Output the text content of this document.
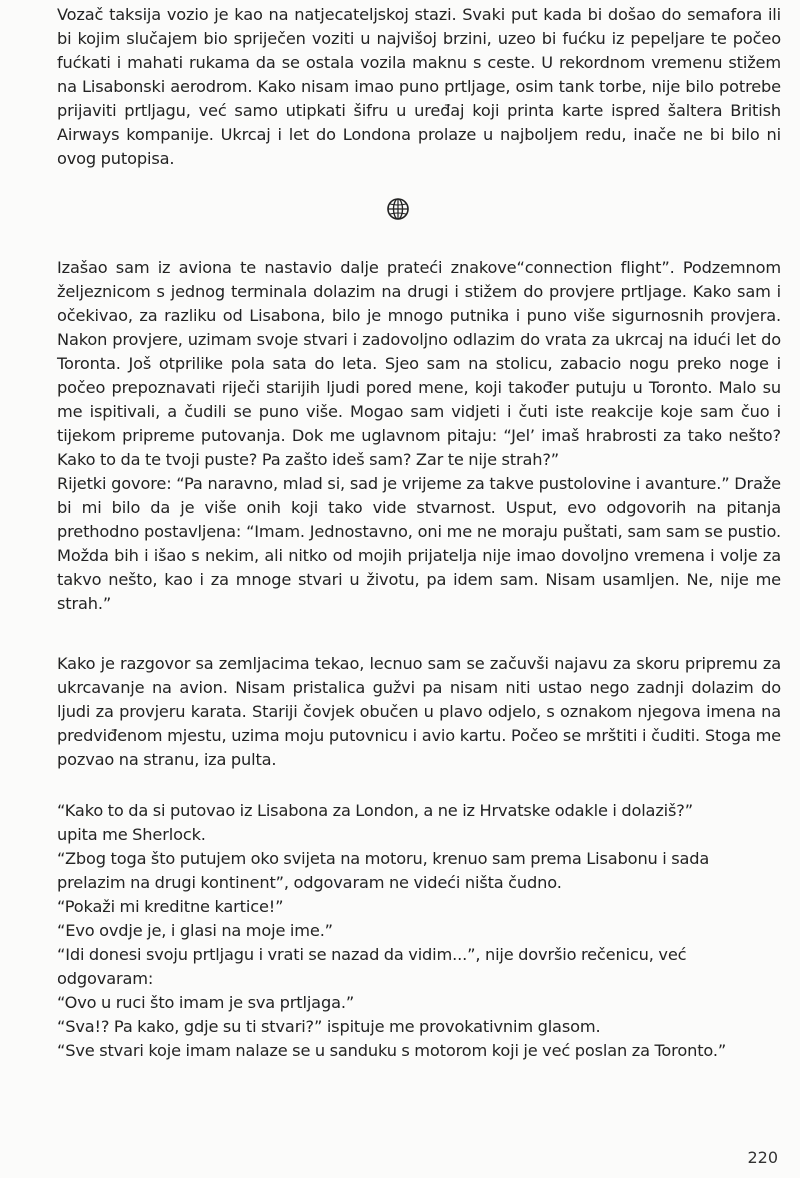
Vozač taksija vozio je kao na natjecateljskoj stazi. Svaki put kada bi došao do semafora ili bi kojim slučajem bio spriječen voziti u najvišoj brzini, uzeo bi fućku iz pepeljare te počeo fućkati i mahati rukama da se ostala vozila maknu s ceste. U rekordnom vremenu stižem na Lisabonski aerodrom. Kako nisam imao puno prtljage, osim tank torbe, nije bilo potrebe prijaviti prtljagu, već samo utipkati šifru u uređaj koji printa karte ispred šaltera British Airways kompanije. Ukrcaj i let do Londona prolaze u najboljem redu, inače ne bi bilo ni ovog putopisa.

Izašao sam iz aviona te nastavio dalje prateći znakove“connection flight”. Podzemnom željeznicom s jednog terminala dolazim na drugi i stižem do provjere prtljage. Kako sam i očekivao, za razliku od Lisabona, bilo je mnogo putnika i puno više sigurnosnih provjera. Nakon provjere, uzimam svoje stvari i zadovoljno odlazim do vrata za ukrcaj na idući let do Toronta. Još otprilike pola sata do leta. Sjeo sam na stolicu, zabacio nogu preko noge i počeo prepoznavati riječi starijih ljudi pored mene, koji također putuju u Toronto. Malo su me ispitivali, a čudili se puno više. Mogao sam vidjeti i čuti iste reakcije koje sam čuo i tijekom pripreme putovanja. Dok me uglavnom pitaju: “Jel’ imaš hrabrosti za tako nešto? Kako to da te tvoji puste? Pa zašto ideš sam? Zar te nije strah?”

Rijetki govore: “Pa naravno, mlad si, sad je vrijeme za takve pustolovine i avanture.” Draže bi mi bilo da je više onih koji tako vide stvarnost. Usput, evo odgovorih na pitanja prethodno postavljena: “Imam. Jednostavno, oni me ne moraju puštati, sam sam se pustio. Možda bih i išao s nekim, ali nitko od mojih prijatelja nije imao dovoljno vremena i volje za takvo nešto, kao i za mnoge stvari u životu, pa idem sam. Nisam usamljen. Ne, nije me strah.”

Kako je razgovor sa zemljacima tekao, lecnuo sam se začuvši najavu za skoru pripremu za ukrcavanje na avion. Nisam pristalica gužvi pa nisam niti ustao nego zadnji dolazim do ljudi za provjeru karata. Stariji čovjek obučen u plavo odjelo, s oznakom njegova imena na predviđenom mjestu, uzima moju putovnicu i avio kartu. Počeo se mrštiti i čuditi. Stoga me pozvao na stranu, iza pulta.

“Kako to da si putovao iz Lisabona za London, a ne iz Hrvatske odakle i dolaziš?”

upita me Sherlock.

“Zbog toga što putujem oko svijeta na motoru, krenuo sam prema Lisabonu i sada

prelazim na drugi kontinent”, odgovaram ne videći ništa čudno.

“Pokaži mi kreditne kartice!”

“Evo ovdje je, i glasi na moje ime.”

“Idi donesi svoju prtljagu i vrati se nazad da vidim...”, nije dovršio rečenicu, već

odgovaram:

“Ovo u ruci što imam je sva prtljaga.”

“Sva!? Pa kako, gdje su ti stvari?” ispituje me provokativnim glasom.

“Sve stvari koje imam nalaze se u sanduku s motorom koji je već poslan za Toronto.”

220
